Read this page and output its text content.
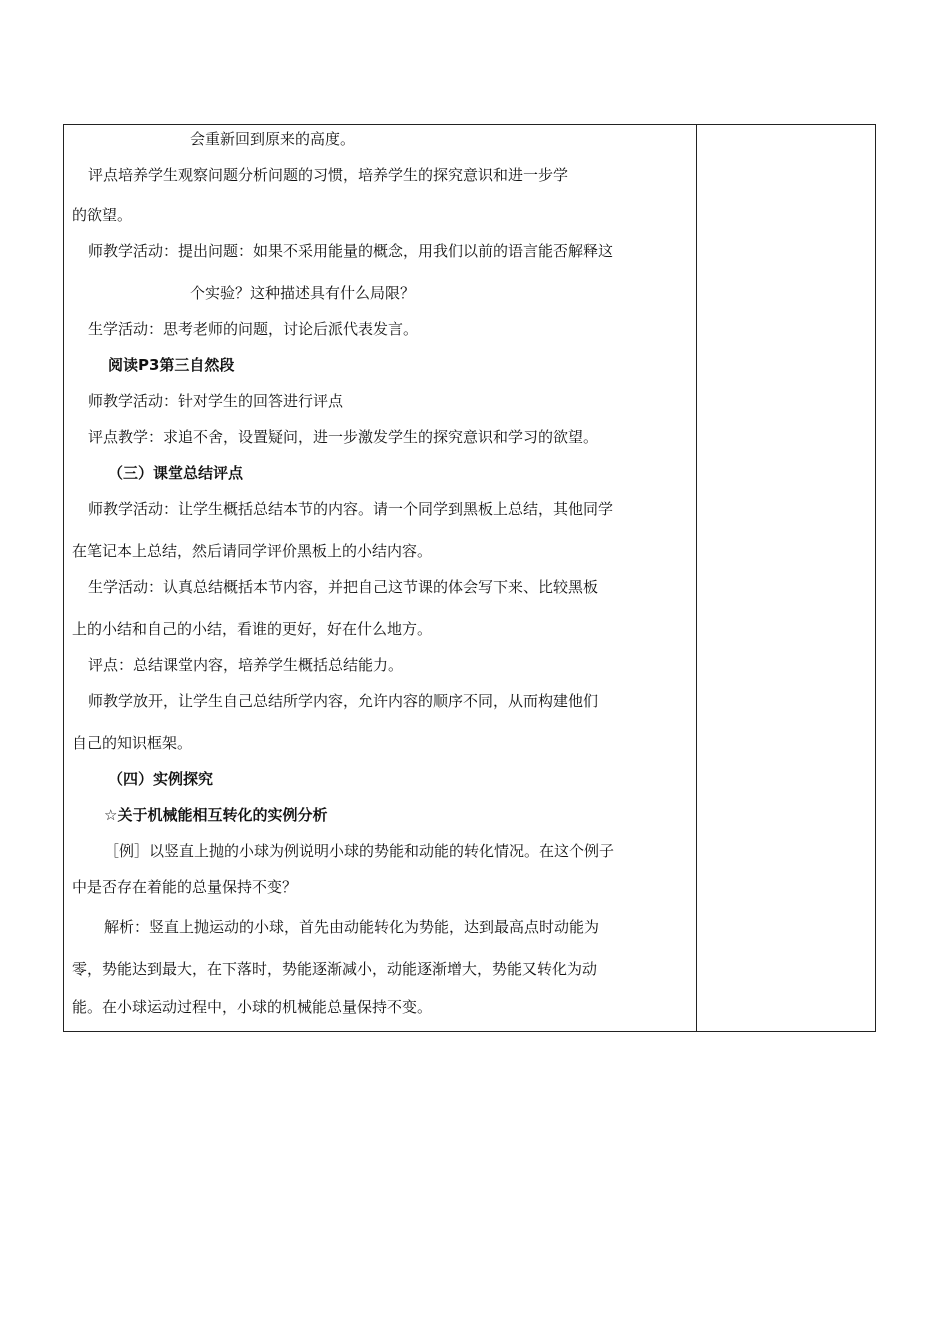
会重新回到原来的高度。
评点培养学生观察问题分析问题的习惯，培养学生的探究意识和进一步学
的欲望。
师教学活动：提出问题：如果不采用能量的概念，用我们以前的语言能否解释这
个实验？这种描述具有什么局限？
生学活动：思考老师的问题，讨论后派代表发言。
阅读P3第三自然段
师教学活动：针对学生的回答进行评点
评点教学：求追不舍，设置疑问，进一步激发学生的探究意识和学习的欲望。
（三）课堂总结评点
师教学活动：让学生概括总结本节的内容。请一个同学到黑板上总结，其他同学
在笔记本上总结，然后请同学评价黑板上的小结内容。
生学活动：认真总结概括本节内容，并把自己这节课的体会写下来、比较黑板
上的小结和自己的小结，看谁的更好，好在什么地方。
评点：总结课堂内容，培养学生概括总结能力。
师教学放开，让学生自己总结所学内容，允许内容的顺序不同，从而构建他们
自己的知识框架。
（四）实例探究
☆关于机械能相互转化的实例分析
［例］以竖直上抛的小球为例说明小球的势能和动能的转化情况。在这个例子
中是否存在着能的总量保持不变？
解析：竖直上抛运动的小球，首先由动能转化为势能，达到最高点时动能为
零，势能达到最大，在下落时，势能逐渐减小，动能逐渐增大，势能又转化为动
能。在小球运动过程中，小球的机械能总量保持不变。
